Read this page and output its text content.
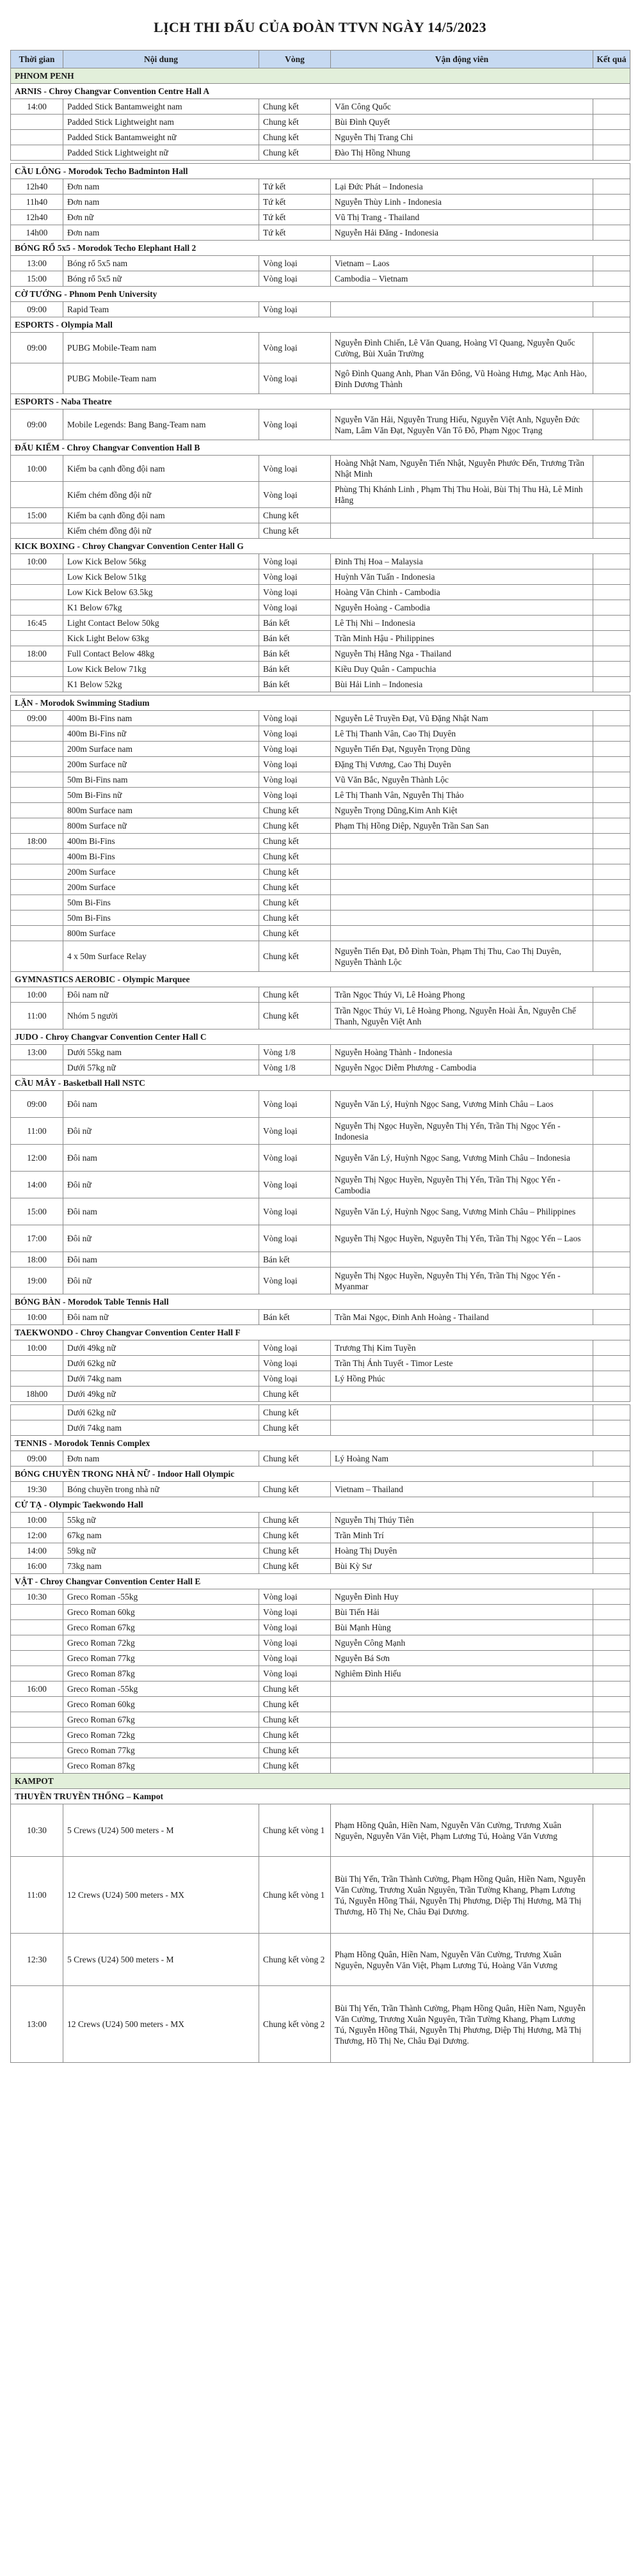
LỊCH THI ĐẤU CỦA ĐOÀN TTVN NGÀY 14/5/2023
Thời gian	Nội dung	Vòng	Vận động viên	Kết quả
PHNOM PENH				
ARNIS - Chroy Changvar Convention Centre Hall A				
14:00	Padded Stick Bantamweight nam	Chung kết	Văn Công Quốc	
	Padded Stick Lightweight nam	Chung kết	Bùi Đình Quyết	
	Padded Stick Bantamweight nữ	Chung kết	Nguyễn Thị Trang Chi	
	Padded Stick Lightweight nữ	Chung kết	Đào Thị Hồng Nhung	

CẦU LÔNG - Morodok Techo Badminton Hall				
12h40	Đơn nam	Tứ kết	Lại Đức Phát – Indonesia	
11h40	Đơn nam	Tứ kết	Nguyễn Thùy Linh - Indonesia	
12h40	Đơn nữ	Tứ kết	Vũ Thị Trang - Thailand	
14h00	Đơn nam	Tứ kết	Nguyễn Hải Đăng - Indonesia	
BÓNG RỔ 5x5 - Morodok Techo Elephant Hall 2				
13:00	Bóng rổ 5x5 nam	Vòng loại	Vietnam – Laos	
15:00	Bóng rổ 5x5 nữ	Vòng loại	Cambodia – Vietnam	
CỜ TƯỚNG - Phnom Penh University				
09:00	Rapid Team	Vòng loại		
ESPORTS - Olympia Mall				
09:00	PUBG Mobile-Team nam	Vòng loại	Nguyễn Đình Chiến, Lê Văn Quang, Hoàng Vĩ Quang, Nguyễn Quốc Cường, Bùi Xuân Trường	
	PUBG Mobile-Team nam	Vòng loại	Ngô Đình Quang Anh, Phan Văn Đông, Vũ Hoàng Hưng, Mạc Anh Hào, Đinh Dương Thành	
ESPORTS - Naba Theatre				
09:00	Mobile Legends: Bang Bang-Team nam	Vòng loại	Nguyễn Văn Hải, Nguyễn Trung Hiếu, Nguyễn Việt Anh, Nguyễn Đức Nam, Lâm Văn Đạt, Nguyễn Văn Tô Đô, Phạm Ngọc Trạng	
ĐẤU KIẾM - Chroy Changvar Convention Hall B				
10:00	Kiếm ba cạnh đồng đội nam	Vòng loại	Hoàng Nhật Nam, Nguyễn Tiến Nhật, Nguyễn Phước Đến, Trương Trần Nhật Minh	
	Kiếm chém đồng đội nữ	Vòng loại	Phùng Thị Khánh Linh , Phạm Thị Thu Hoài, Bùi Thị Thu Hà, Lê Minh Hằng	
15:00	Kiếm ba cạnh đồng đội nam	Chung kết		
	Kiếm chém đồng đội nữ	Chung kết		
KICK BOXING - Chroy Changvar Convention Center Hall G				
10:00	Low Kick Below 56kg	Vòng loại	Đinh Thị Hoa – Malaysia	
	Low Kick Below 51kg	Vòng loại	Huỳnh Văn Tuấn - Indonesia	
	Low Kick Below 63.5kg	Vòng loại	Hoàng Văn Chinh - Cambodia	
	K1 Below 67kg	Vòng loại	Nguyễn Hoàng - Cambodia	
16:45	Light Contact Below 50kg	Bán kết	Lê Thị Nhi – Indonesia	
	Kick Light Below 63kg	Bán kết	Trần Minh Hậu - Philippines	
18:00	Full Contact Below 48kg	Bán kết	Nguyễn Thị Hằng Nga - Thailand	
	Low Kick Below 71kg	Bán kết	Kiều Duy Quân - Campuchia	
	K1 Below 52kg	Bán kết	Bùi Hải Linh – Indonesia	

LẶN - Morodok Swimming Stadium				
09:00	400m Bi-Fins nam	Vòng loại	Nguyễn Lê Truyền Đạt, Vũ Đặng Nhật Nam	
	400m Bi-Fins nữ	Vòng loại	Lê Thị Thanh Vân, Cao Thị Duyên	
	200m Surface nam	Vòng loại	Nguyễn Tiến Đạt, Nguyễn Trọng Dũng	
	200m Surface nữ	Vòng loại	Đặng Thị Vương, Cao Thị Duyên	
	50m Bi-Fins nam	Vòng loại	Vũ Văn Bắc, Nguyễn Thành Lộc	
	50m Bi-Fins nữ	Vòng loại	Lê Thị Thanh Vân, Nguyễn Thị Thảo	
	800m Surface nam	Chung kết	Nguyễn Trọng Dũng,Kim Anh Kiệt	
	800m Surface nữ	Chung kết	Phạm Thị Hồng Diệp, Nguyễn Trần San San	
18:00	400m Bi-Fins	Chung kết		
	400m Bi-Fins	Chung kết		
	200m Surface	Chung kết		
	200m Surface	Chung kết		
	50m Bi-Fins	Chung kết		
	50m Bi-Fins	Chung kết		
	800m Surface	Chung kết		
	4 x 50m Surface Relay	Chung kết	Nguyễn Tiến Đạt, Đỗ Đình Toàn, Phạm Thị Thu, Cao Thị Duyên, Nguyễn Thành Lộc	
GYMNASTICS AEROBIC - Olympic Marquee				
10:00	Đôi nam nữ	Chung kết	Trần Ngọc Thúy Vi, Lê Hoàng Phong	
11:00	Nhóm 5 người	Chung kết	Trần Ngọc Thúy Vi, Lê Hoàng Phong, Nguyễn Hoài Ân, Nguyễn Chế Thanh, Nguyễn Việt Anh	
JUDO - Chroy Changvar Convention Center Hall C				
13:00	Dưới 55kg nam	Vòng 1/8	Nguyễn Hoàng Thành - Indonesia	
	Dưới 57kg nữ	Vòng 1/8	Nguyễn Ngọc Diễm Phương - Cambodia	
CẦU MÂY - Basketball Hall NSTC				
09:00	Đôi nam	Vòng loại	Nguyễn Văn Lý, Huỳnh Ngọc Sang, Vương Minh Châu – Laos	
11:00	Đôi nữ	Vòng loại	Nguyễn Thị Ngọc Huyền, Nguyễn Thị Yến, Trần Thị Ngọc Yến - Indonesia	
12:00	Đôi nam	Vòng loại	Nguyễn Văn Lý, Huỳnh Ngọc Sang, Vương Minh Châu – Indonesia	
14:00	Đôi nữ	Vòng loại	Nguyễn Thị Ngọc Huyền, Nguyễn Thị Yến, Trần Thị Ngọc Yến - Cambodia	
15:00	Đôi nam	Vòng loại	Nguyễn Văn Lý, Huỳnh Ngọc Sang, Vương Minh Châu – Philippines	
17:00	Đôi nữ	Vòng loại	Nguyễn Thị Ngọc Huyền, Nguyễn Thị Yến, Trần Thị Ngọc Yến – Laos	
18:00	Đôi nam	Bán kết		
19:00	Đôi nữ	Vòng loại	Nguyễn Thị Ngọc Huyền, Nguyễn Thị Yến, Trần Thị Ngọc Yến - Myanmar	
BÓNG BÀN - Morodok Table Tennis Hall				
10:00	Đôi nam nữ	Bán kết	Trần Mai Ngọc, Đinh Anh Hoàng - Thailand	
TAEKWONDO - Chroy Changvar Convention Center Hall F				
10:00	Dưới 49kg nữ	Vòng loại	Trương Thị Kim Tuyền	
	Dưới 62kg nữ	Vòng loại	Trần Thị Ánh Tuyết - Timor Leste	
	Dưới 74kg nam	Vòng loại	Lý Hồng Phúc	
18h00	Dưới 49kg nữ	Chung kết		

	Dưới 62kg nữ	Chung kết		
	Dưới 74kg nam	Chung kết		
TENNIS - Morodok Tennis Complex				
09:00	Đơn nam	Chung kết	Lý Hoàng Nam	
BÓNG CHUYỀN TRONG NHÀ NỮ - Indoor Hall Olympic				
19:30	Bóng chuyền trong nhà nữ	Chung kết	Vietnam – Thailand	
CỬ TẠ - Olympic Taekwondo Hall				
10:00	55kg nữ	Chung kết	Nguyễn Thị Thúy Tiên	
12:00	67kg nam	Chung kết	Trần Minh Trí	
14:00	59kg nữ	Chung kết	Hoàng Thị Duyên	
16:00	73kg nam	Chung kết	Bùi Kỳ Sư	
VẬT - Chroy Changvar Convention Center Hall E				
10:30	Greco Roman -55kg	Vòng loại	Nguyễn Đình Huy	
	Greco Roman 60kg	Vòng loại	Bùi Tiến Hải	
	Greco Roman 67kg	Vòng loại	Bùi Mạnh Hùng	
	Greco Roman 72kg	Vòng loại	Nguyễn Công Mạnh	
	Greco Roman 77kg	Vòng loại	Nguyễn Bá Sơn	
	Greco Roman 87kg	Vòng loại	Nghiêm Đình Hiếu	
16:00	Greco Roman -55kg	Chung kết		
	Greco Roman 60kg	Chung kết		
	Greco Roman 67kg	Chung kết		
	Greco Roman 72kg	Chung kết		
	Greco Roman 77kg	Chung kết		
	Greco Roman 87kg	Chung kết		
KAMPOT				
THUYỀN TRUYỀN THỐNG – Kampot				
10:30	5 Crews (U24) 500 meters - M	Chung kết vòng 1	Phạm Hồng Quân, Hiền Nam, Nguyễn Văn Cường, Trương Xuân Nguyên, Nguyễn Văn Việt, Phạm Lương Tú, Hoàng Văn Vương	
11:00	12 Crews (U24) 500 meters - MX	Chung kết vòng 1	Bùi Thị Yến, Trần Thành Cường, Phạm Hồng Quân, Hiền Nam, Nguyễn Văn Cường, Trương Xuân Nguyên, Trần Tường Khang, Phạm Lương Tú, Nguyễn Hồng Thái, Nguyễn Thị Phương, Diệp Thị Hương, Mã Thị Thương, Hồ Thị Ne, Châu Đại Dương.	
12:30	5 Crews (U24) 500 meters - M	Chung kết vòng 2	Phạm Hồng Quân, Hiền Nam, Nguyễn Văn Cường, Trương Xuân Nguyên, Nguyễn Văn Việt, Phạm Lương Tú, Hoàng Văn Vương	
13:00	12 Crews (U24) 500 meters - MX	Chung kết vòng 2	Bùi Thị Yến, Trần Thành Cường, Phạm Hồng Quân, Hiền Nam, Nguyễn Văn Cường, Trương Xuân Nguyên, Trần Tường Khang, Phạm Lương Tú, Nguyễn Hồng Thái, Nguyễn Thị Phương, Diệp Thị Hương, Mã Thị Thương, Hồ Thị Ne, Châu Đại Dương.	
